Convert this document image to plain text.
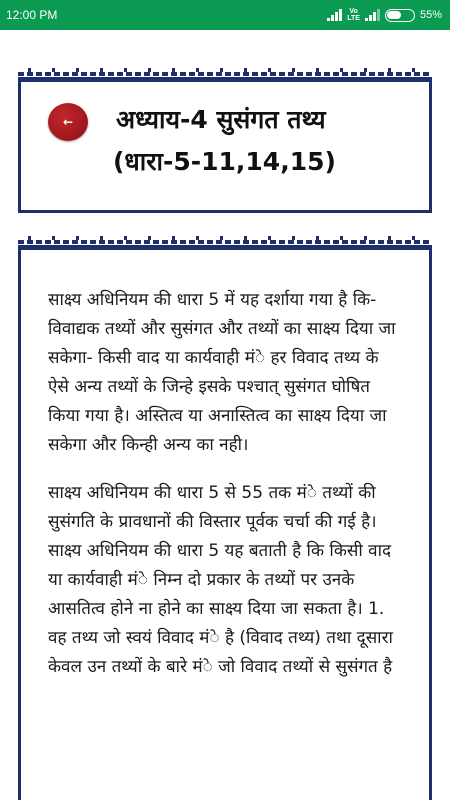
12:00 PM	Vo
LTE	55%
← अध्याय-4 सुसंगत तथ्य
(धारा-5-11,14,15)

साक्ष्य अधिनियम की धारा 5 में यह दर्शाया गया है कि-विवाद्यक तथ्यों और सुसंगत और तथ्यों का साक्ष्य दिया जा सकेगा- किसी वाद या कार्यवाही मं◌े हर विवाद तथ्य के ऐसे अन्य तथ्यों के जिन्हे इसके पश्चात् सुसंगत घोषित किया गया है। अस्तित्व या अनास्तित्व का साक्ष्य दिया जा सकेगा और किन्ही अन्य का नही।

साक्ष्य अधिनियम की धारा 5 से 55 तक मं◌े तथ्यों की सुसंगति के प्रावधानों की विस्तार पूर्वक चर्चा की गई है। साक्ष्य अधिनियम की धारा 5 यह बताती है कि किसी वाद या कार्यवाही मं◌े निम्न दो प्रकार के तथ्यों पर उनके आसतित्व होने ना होने का साक्ष्य दिया जा सकता है। 1. वह तथ्य जो स्वयं विवाद मं◌े है (विवाद तथ्य) तथा दूसारा केवल उन तथ्यों के बारे मं◌े जो विवाद तथ्यों से सुसंगत है
